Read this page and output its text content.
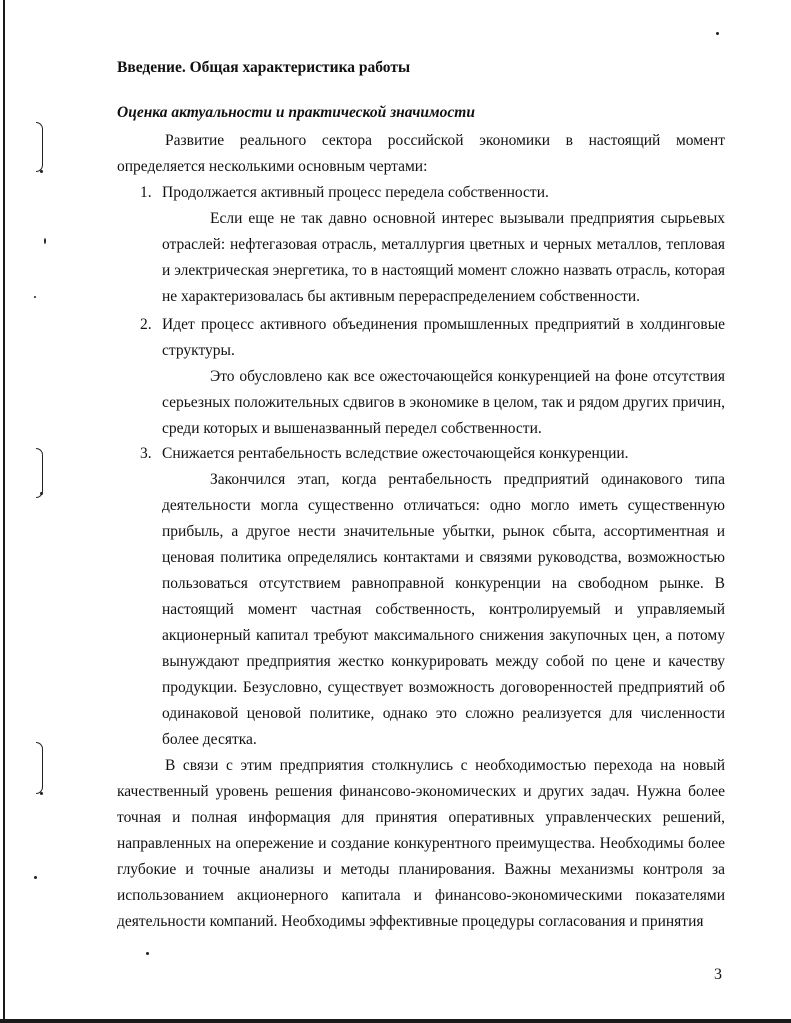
Введение. Общая характеристика работы
Оценка актуальности и практической значимости
Развитие реального сектора российской экономики в настоящий момент определяется несколькими основным чертами:
1. Продолжается активный процесс передела собственности.
Если еще не так давно основной интерес вызывали предприятия сырьевых отраслей: нефтегазовая отрасль, металлургия цветных и черных металлов, тепловая и электрическая энергетика, то в настоящий момент сложно назвать отрасль, которая не характеризовалась бы активным перераспределением собственности.
2. Идет процесс активного объединения промышленных предприятий в холдинговые структуры.
Это обусловлено как все ожесточающейся конкуренцией на фоне отсутствия серьезных положительных сдвигов в экономике в целом, так и рядом других причин, среди которых и вышеназванный передел собственности.
3. Снижается рентабельность вследствие ожесточающейся конкуренции.
Закончился этап, когда рентабельность предприятий одинакового типа деятельности могла существенно отличаться: одно могло иметь существенную прибыль, а другое нести значительные убытки, рынок сбыта, ассортиментная и ценовая политика определялись контактами и связями руководства, возможностью пользоваться отсутствием равноправной конкуренции на свободном рынке. В настоящий момент частная собственность, контролируемый и управляемый акционерный капитал требуют максимального снижения закупочных цен, а потому вынуждают предприятия жестко конкурировать между собой по цене и качеству продукции. Безусловно, существует возможность договоренностей предприятий об одинаковой ценовой политике, однако это сложно реализуется для численности более десятка.
В связи с этим предприятия столкнулись с необходимостью перехода на новый качественный уровень решения финансово-экономических и других задач. Нужна более точная и полная информация для принятия оперативных управленческих решений, направленных на опережение и создание конкурентного преимущества. Необходимы более глубокие и точные анализы и методы планирования. Важны механизмы контроля за использованием акционерного капитала и финансово-экономическими показателями деятельности компаний. Необходимы эффективные процедуры согласования и принятия
3
